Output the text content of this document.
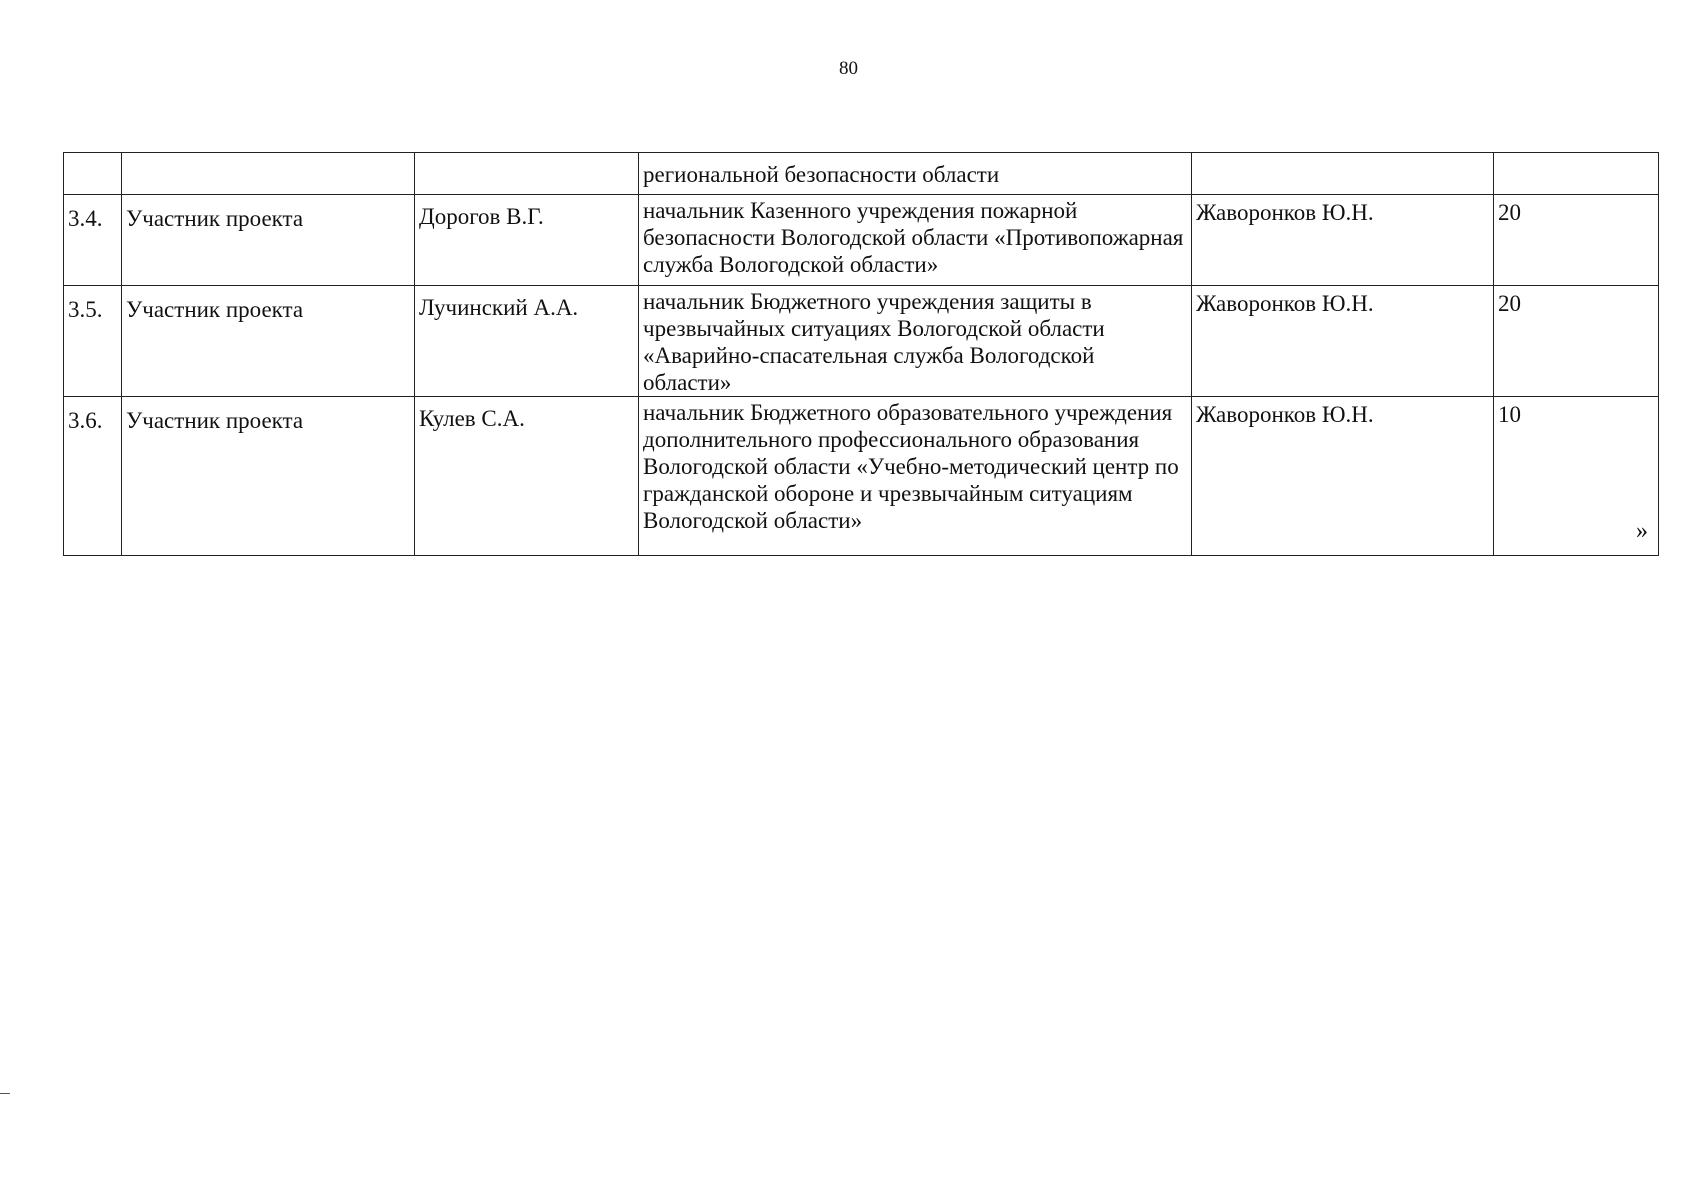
80
			региональной безопасности области		
3.4.	Участник проекта	Дорогов В.Г.	начальник Казенного учреждения пожарной безопасности Вологодской области «Противопожарная служба Вологодской области»	Жаворонков Ю.Н.	20
3.5.	Участник проекта	Лучинский А.А.	начальник Бюджетного учреждения защиты в чрезвычайных ситуациях Вологодской области «Аварийно-спасательная служба Вологодской области»	Жаворонков Ю.Н.	20
3.6.	Участник проекта	Кулев С.А.	начальник Бюджетного образовательного учреждения дополнительного профессионального образования Вологодской области «Учебно-методический центр по гражданской обороне и чрезвычайным ситуациям Вологодской области»	Жаворонков Ю.Н.	10
»
